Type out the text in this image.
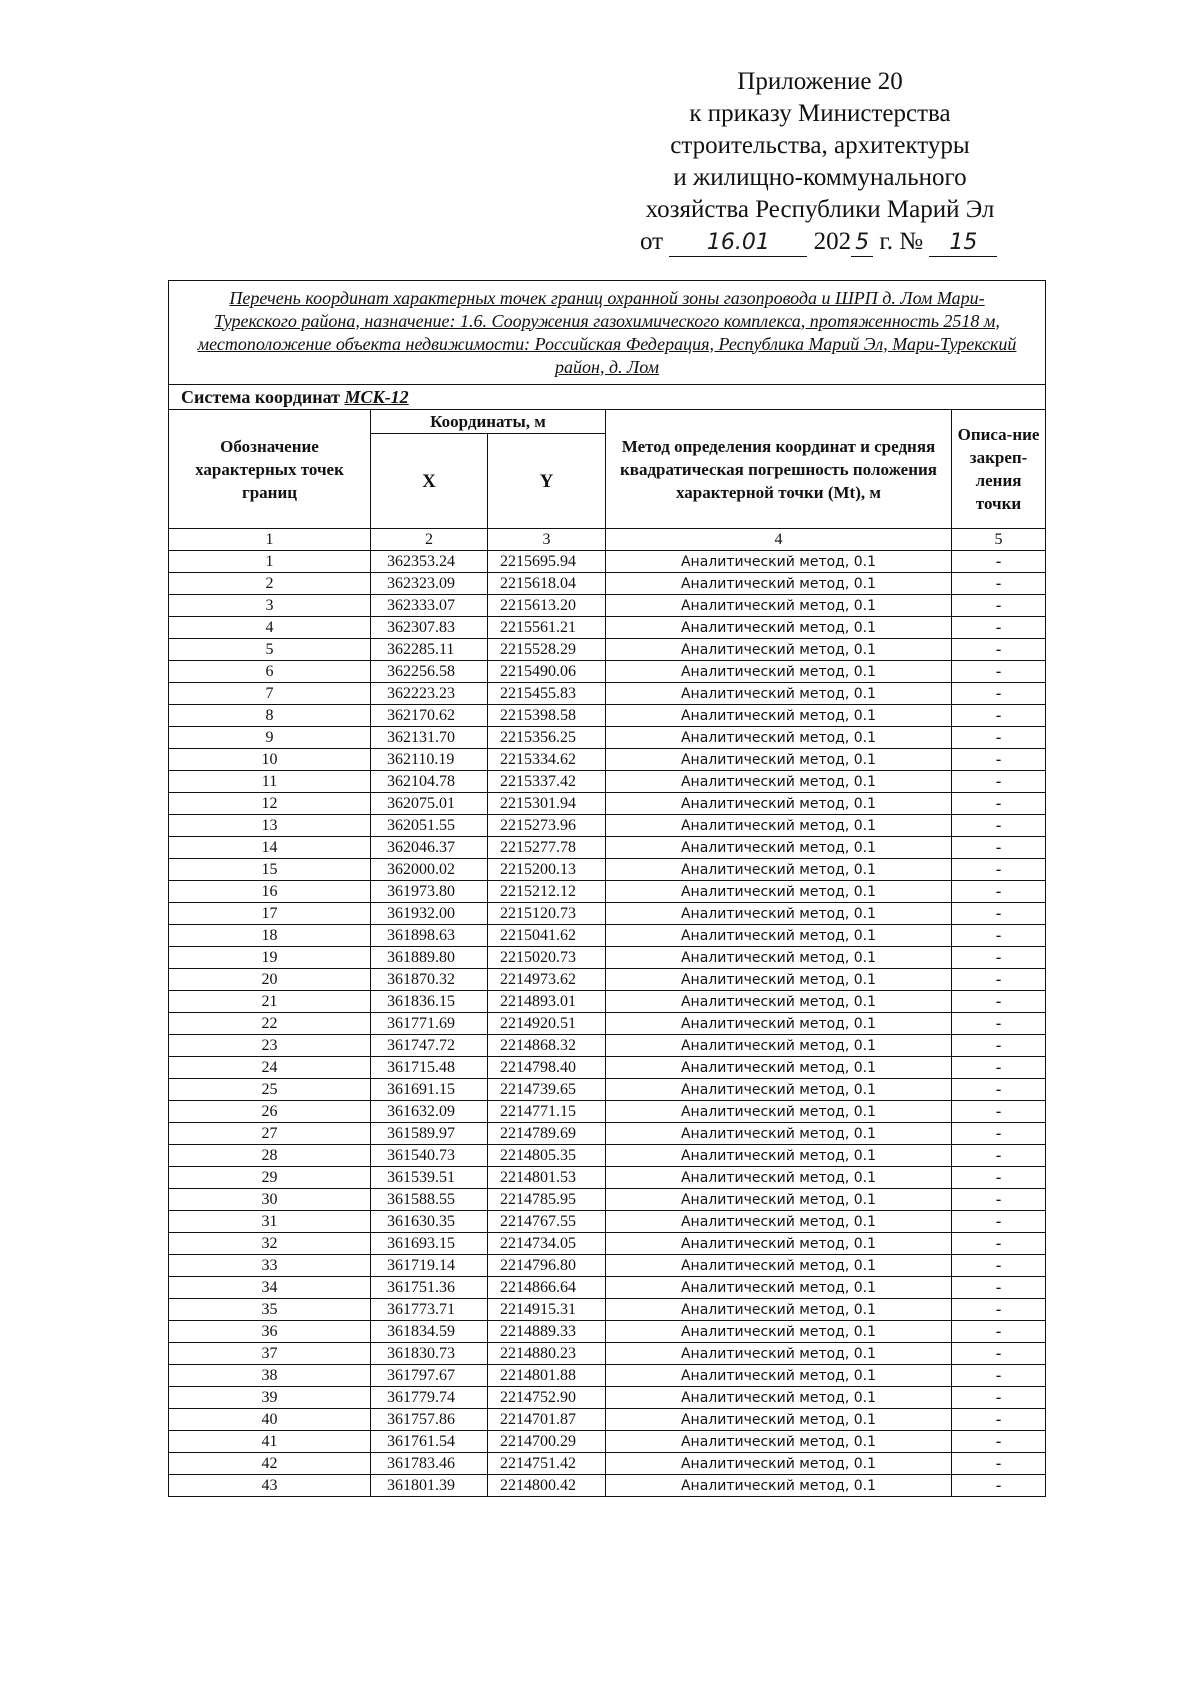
Приложение 20
к приказу Министерства
строительства, архитектуры
и жилищно-коммунального
хозяйства Республики Марий Эл
от 16.01 202 5 г. № 15
Перечень координат характерных точек границ охранной зоны газопровода и ШРП д. Лом Мари-Турекского района, назначение: 1.6. Сооружения газохимического комплекса, протяженность 2518 м, местоположение объекта недвижимости: Российская Федерация, Республика Марий Эл, Мари-Турекский район, д. Лом				
Система координат МСК-12				
Обозначение характерных точек границ	Координаты, м		Метод определения координат и средняя квадратическая погрешность положения характерной точки (Mt), м	Описа-ние закреп-ления точки
	X	Y		
1	2	3	4	5
1	362353.24	2215695.94	Аналитический метод, 0.1	-
2	362323.09	2215618.04	Аналитический метод, 0.1	-
3	362333.07	2215613.20	Аналитический метод, 0.1	-
4	362307.83	2215561.21	Аналитический метод, 0.1	-
5	362285.11	2215528.29	Аналитический метод, 0.1	-
6	362256.58	2215490.06	Аналитический метод, 0.1	-
7	362223.23	2215455.83	Аналитический метод, 0.1	-
8	362170.62	2215398.58	Аналитический метод, 0.1	-
9	362131.70	2215356.25	Аналитический метод, 0.1	-
10	362110.19	2215334.62	Аналитический метод, 0.1	-
11	362104.78	2215337.42	Аналитический метод, 0.1	-
12	362075.01	2215301.94	Аналитический метод, 0.1	-
13	362051.55	2215273.96	Аналитический метод, 0.1	-
14	362046.37	2215277.78	Аналитический метод, 0.1	-
15	362000.02	2215200.13	Аналитический метод, 0.1	-
16	361973.80	2215212.12	Аналитический метод, 0.1	-
17	361932.00	2215120.73	Аналитический метод, 0.1	-
18	361898.63	2215041.62	Аналитический метод, 0.1	-
19	361889.80	2215020.73	Аналитический метод, 0.1	-
20	361870.32	2214973.62	Аналитический метод, 0.1	-
21	361836.15	2214893.01	Аналитический метод, 0.1	-
22	361771.69	2214920.51	Аналитический метод, 0.1	-
23	361747.72	2214868.32	Аналитический метод, 0.1	-
24	361715.48	2214798.40	Аналитический метод, 0.1	-
25	361691.15	2214739.65	Аналитический метод, 0.1	-
26	361632.09	2214771.15	Аналитический метод, 0.1	-
27	361589.97	2214789.69	Аналитический метод, 0.1	-
28	361540.73	2214805.35	Аналитический метод, 0.1	-
29	361539.51	2214801.53	Аналитический метод, 0.1	-
30	361588.55	2214785.95	Аналитический метод, 0.1	-
31	361630.35	2214767.55	Аналитический метод, 0.1	-
32	361693.15	2214734.05	Аналитический метод, 0.1	-
33	361719.14	2214796.80	Аналитический метод, 0.1	-
34	361751.36	2214866.64	Аналитический метод, 0.1	-
35	361773.71	2214915.31	Аналитический метод, 0.1	-
36	361834.59	2214889.33	Аналитический метод, 0.1	-
37	361830.73	2214880.23	Аналитический метод, 0.1	-
38	361797.67	2214801.88	Аналитический метод, 0.1	-
39	361779.74	2214752.90	Аналитический метод, 0.1	-
40	361757.86	2214701.87	Аналитический метод, 0.1	-
41	361761.54	2214700.29	Аналитический метод, 0.1	-
42	361783.46	2214751.42	Аналитический метод, 0.1	-
43	361801.39	2214800.42	Аналитический метод, 0.1	-
